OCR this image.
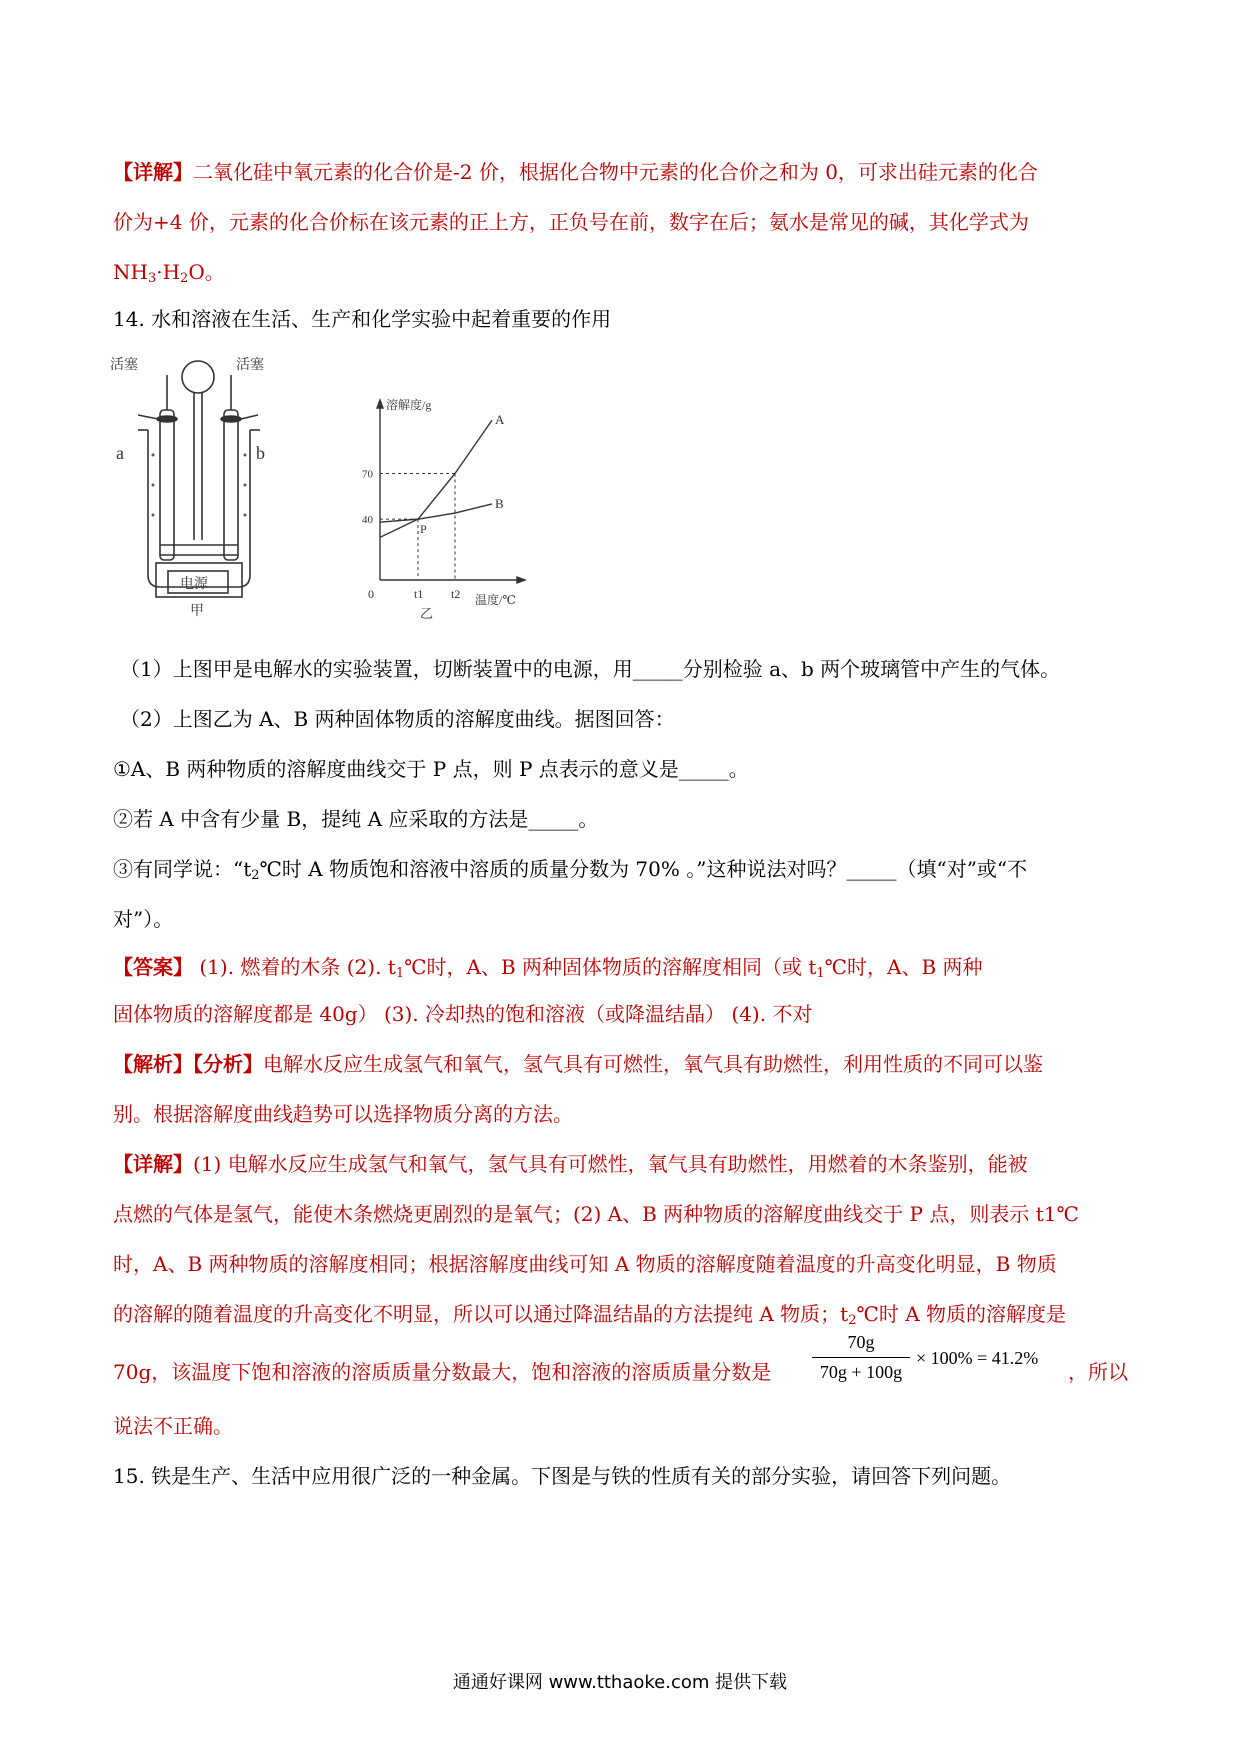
【详解】二氧化硅中氧元素的化合价是-2 价，根据化合物中元素的化合价之和为 0，可求出硅元素的化合
价为+4 价，元素的化合价标在该元素的正上方，正负号在前，数字在后；氨水是常见的碱，其化学式为
$NH_3\cdot H_2O$。
14. 水和溶液在生活、生产和化学实验中起着重要的作用
活塞	活塞
a	b
电源
甲
A
B
40
70
t1 t2
0
P
溶解度/g
温度/℃
乙
（1）上图甲是电解水的实验装置，切断装置中的电源，用_____分别检验 a、b 两个玻璃管中产生的气体。
（2）上图乙为 A、B 两种固体物质的溶解度曲线。据图回答：
①A、B 两种物质的溶解度曲线交于 P 点，则 P 点表示的意义是_____。
②若 A 中含有少量 B，提纯 A 应采取的方法是_____。
③有同学说：“$t_2℃$时 A 物质饱和溶液中溶质的质量分数为 70% 。”这种说法对吗？_____（填“对”或“不
对”）。
【答案】 (1). 燃着的木条 (2). $t_1℃$时，A、B 两种固体物质的溶解度相同（或 $t_1℃$时，A、B 两种
固体物质的溶解度都是 40g） (3). 冷却热的饱和溶液（或降温结晶） (4). 不对
【解析】【分析】电解水反应生成氢气和氧气，氢气具有可燃性，氧气具有助燃性，利用性质的不同可以鉴
别。根据溶解度曲线趋势可以选择物质分离的方法。
【详解】(1) 电解水反应生成氢气和氧气，氢气具有可燃性，氧气具有助燃性，用燃着的木条鉴别，能被
点燃的气体是氢气，能使木条燃烧更剧烈的是氧气；(2) A、B 两种物质的溶解度曲线交于 P 点，则表示 t1℃
时，A、B 两种物质的溶解度相同；根据溶解度曲线可知 A 物质的溶解度随着温度的升高变化明显，B 物质
的溶解的随着温度的升高变化不明显，所以可以通过降温结晶的方法提纯 A 物质；$t_2℃$时 A 物质的溶解度是
70g，该温度下饱和溶液的溶质质量分数最大，饱和溶液的溶质质量分数是
70g
70g + 100g
× 100% = 41.2%
，所以
说法不正确。
15. 铁是生产、生活中应用很广泛的一种金属。下图是与铁的性质有关的部分实验，请回答下列问题。
通通好课网 www.tthaoke.com 提供下载
